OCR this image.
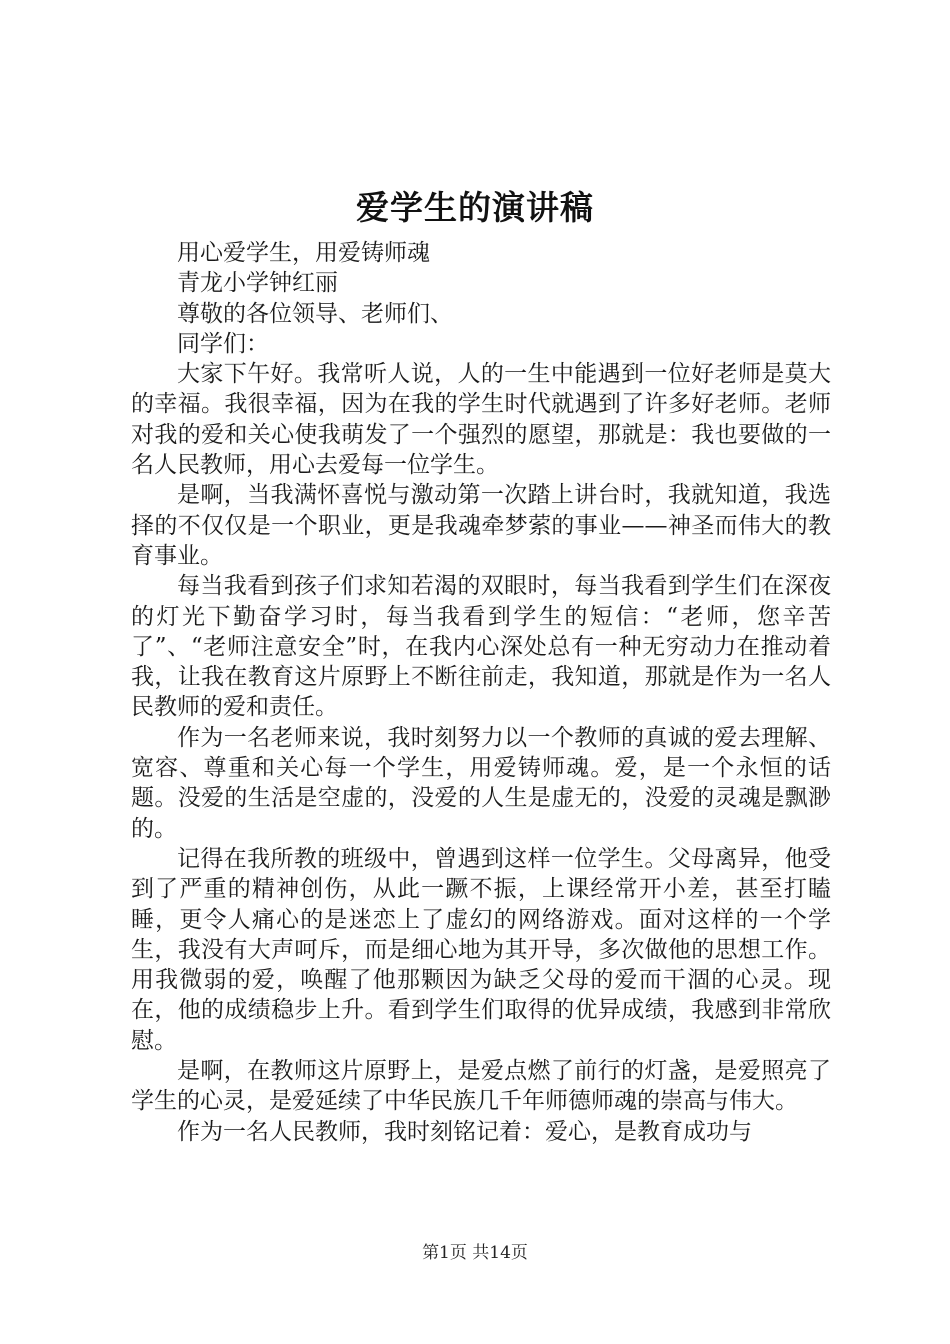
爱学生的演讲稿

用心爱学生，用爱铸师魂

青龙小学钟红丽

尊敬的各位领导、老师们、

同学们：

大家下午好。我常听人说，人的一生中能遇到一位好老师是莫大的幸福。我很幸福，因为在我的学生时代就遇到了许多好老师。老师对我的爱和关心使我萌发了一个强烈的愿望，那就是：我也要做的一名人民教师，用心去爱每一位学生。

是啊，当我满怀喜悦与激动第一次踏上讲台时，我就知道，我选择的不仅仅是一个职业，更是我魂牵梦萦的事业——神圣而伟大的教育事业。

每当我看到孩子们求知若渴的双眼时，每当我看到学生们在深夜的灯光下勤奋学习时，每当我看到学生的短信：“老师，您辛苦了”、“老师注意安全”时，在我内心深处总有一种无穷动力在推动着我，让我在教育这片原野上不断往前走，我知道，那就是作为一名人民教师的爱和责任。

作为一名老师来说，我时刻努力以一个教师的真诚的爱去理解、宽容、尊重和关心每一个学生，用爱铸师魂。爱，是一个永恒的话题。没爱的生活是空虚的，没爱的人生是虚无的，没爱的灵魂是飘渺的。

记得在我所教的班级中，曾遇到这样一位学生。父母离异，他受到了严重的精神创伤，从此一蹶不振，上课经常开小差，甚至打瞌睡，更令人痛心的是迷恋上了虚幻的网络游戏。面对这样的一个学生，我没有大声呵斥，而是细心地为其开导，多次做他的思想工作。用我微弱的爱，唤醒了他那颗因为缺乏父母的爱而干涸的心灵。现在，他的成绩稳步上升。看到学生们取得的优异成绩，我感到非常欣慰。

是啊，在教师这片原野上，是爱点燃了前行的灯盏，是爱照亮了学生的心灵，是爱延续了中华民族几千年师德师魂的崇高与伟大。

作为一名人民教师，我时刻铭记着：爱心，是教育成功与

第1页 共14页
